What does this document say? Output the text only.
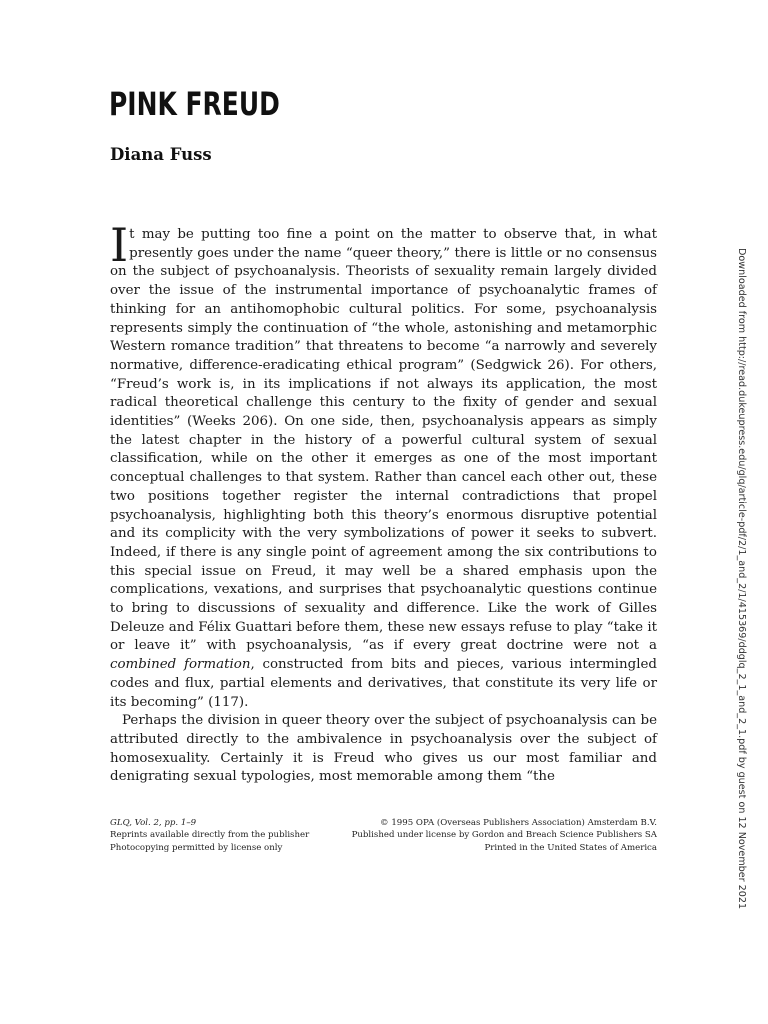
PINK FREUD
Diana Fuss

It may be putting too fine a point on the matter to observe that, in what presently goes under the name “queer theory,” there is little or no consensus on the subject of psychoanalysis. Theorists of sexuality remain largely divided over the issue of the instrumental importance of psychoanalytic frames of thinking for an antihomophobic cultural politics. For some, psychoanalysis represents simply the continuation of “the whole, astonishing and metamorphic Western romance tradition” that threatens to become “a narrowly and severely normative, difference-eradicating ethical program” (Sedgwick 26). For others, “Freud’s work is, in its implications if not always its application, the most radical theoretical challenge this century to the fixity of gender and sexual identities” (Weeks 206). On one side, then, psychoanalysis appears as simply the latest chapter in the history of a powerful cultural system of sexual classification, while on the other it emerges as one of the most important conceptual challenges to that system. Rather than cancel each other out, these two positions together register the internal contradictions that propel psychoanalysis, highlighting both this theory’s enormous disruptive potential and its complicity with the very symbolizations of power it seeks to subvert. Indeed, if there is any single point of agreement among the six contributions to this special issue on Freud, it may well be a shared emphasis upon the complications, vexations, and surprises that psychoanalytic questions continue to bring to discussions of sexuality and difference. Like the work of Gilles Deleuze and Félix Guattari before them, these new essays refuse to play “take it or leave it” with psychoanalysis, “as if every great doctrine were not a combined formation, constructed from bits and pieces, various intermingled codes and flux, partial elements and derivatives, that constitute its very life or its becoming” (117).

Perhaps the division in queer theory over the subject of psychoanalysis can be attributed directly to the ambivalence in psychoanalysis over the subject of homosexuality. Certainly it is Freud who gives us our most familiar and denigrating sexual typologies, most memorable among them “the

GLQ, Vol. 2, pp. 1–9
Reprints available directly from the publisher
Photocopying permitted by license only
© 1995 OPA (Overseas Publishers Association) Amsterdam B.V.
Published under license by Gordon and Breach Science Publishers SA
Printed in the United States of America	Downloaded from http://read.dukeupress.edu/glq/article-pdf/2/1_and_2/1/415369/ddglq_2_1_and_2_1.pdf by guest on 12 November 2021
